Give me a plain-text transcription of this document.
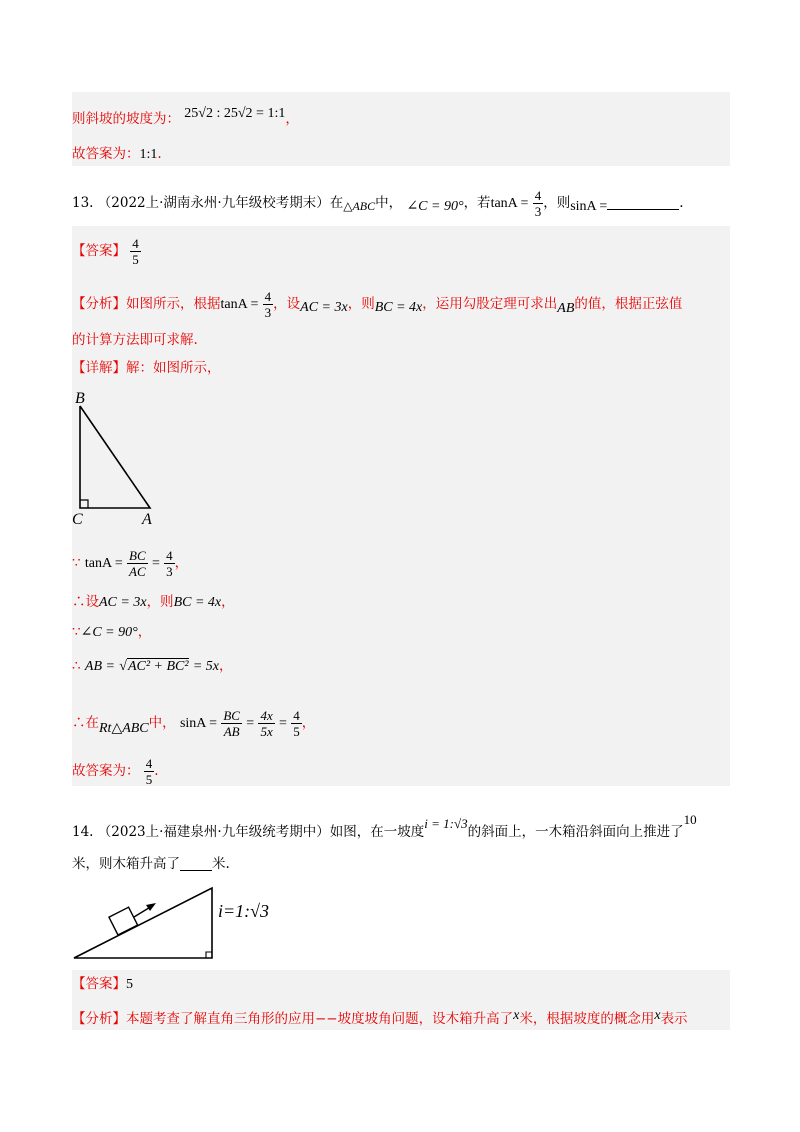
则斜坡的坡度为： 25√2 : 25√2 = 1:1，
故答案为：1:1.
13. （2022上·湖南永州·九年级校考期末）在△ABC中， ∠C = 90°，若$\tan A = \frac{4}{3}$ ，则sinA =	.
【答案】 $\frac{4}{5}$
【分析】如图所示，根据$\tan A = \frac{4}{3}$ ，设AC = 3x，则BC = 4x，运用勾股定理可求出AB的值，根据正弦值
的计算方法即可求解.
【详解】解：如图所示，
B
C	A
∵ $\tan A = \frac{BC}{AC} = \frac{4}{3}$ ，
∴设AC = 3x，则BC = 4x，
∵∠C = 90°，
∴ AB = √AC² + BC² = 5x，
∴在Rt△ABC中， $\sin A = \frac{BC}{AB} = \frac{4x}{5x} = \frac{4}{5}$ ，
故答案为： $\frac{4}{5}$ .
14. （2023上·福建泉州·九年级统考期中）如图，在一坡度i = 1:√3的斜面上，一木箱沿斜面向上推进了10
米，则木箱升高了 米.
i=1:√3
【答案】5
【分析】本题考查了解直角三角形的应用−−坡度坡角问题，设木箱升高了x米，根据坡度的概念用x表示
